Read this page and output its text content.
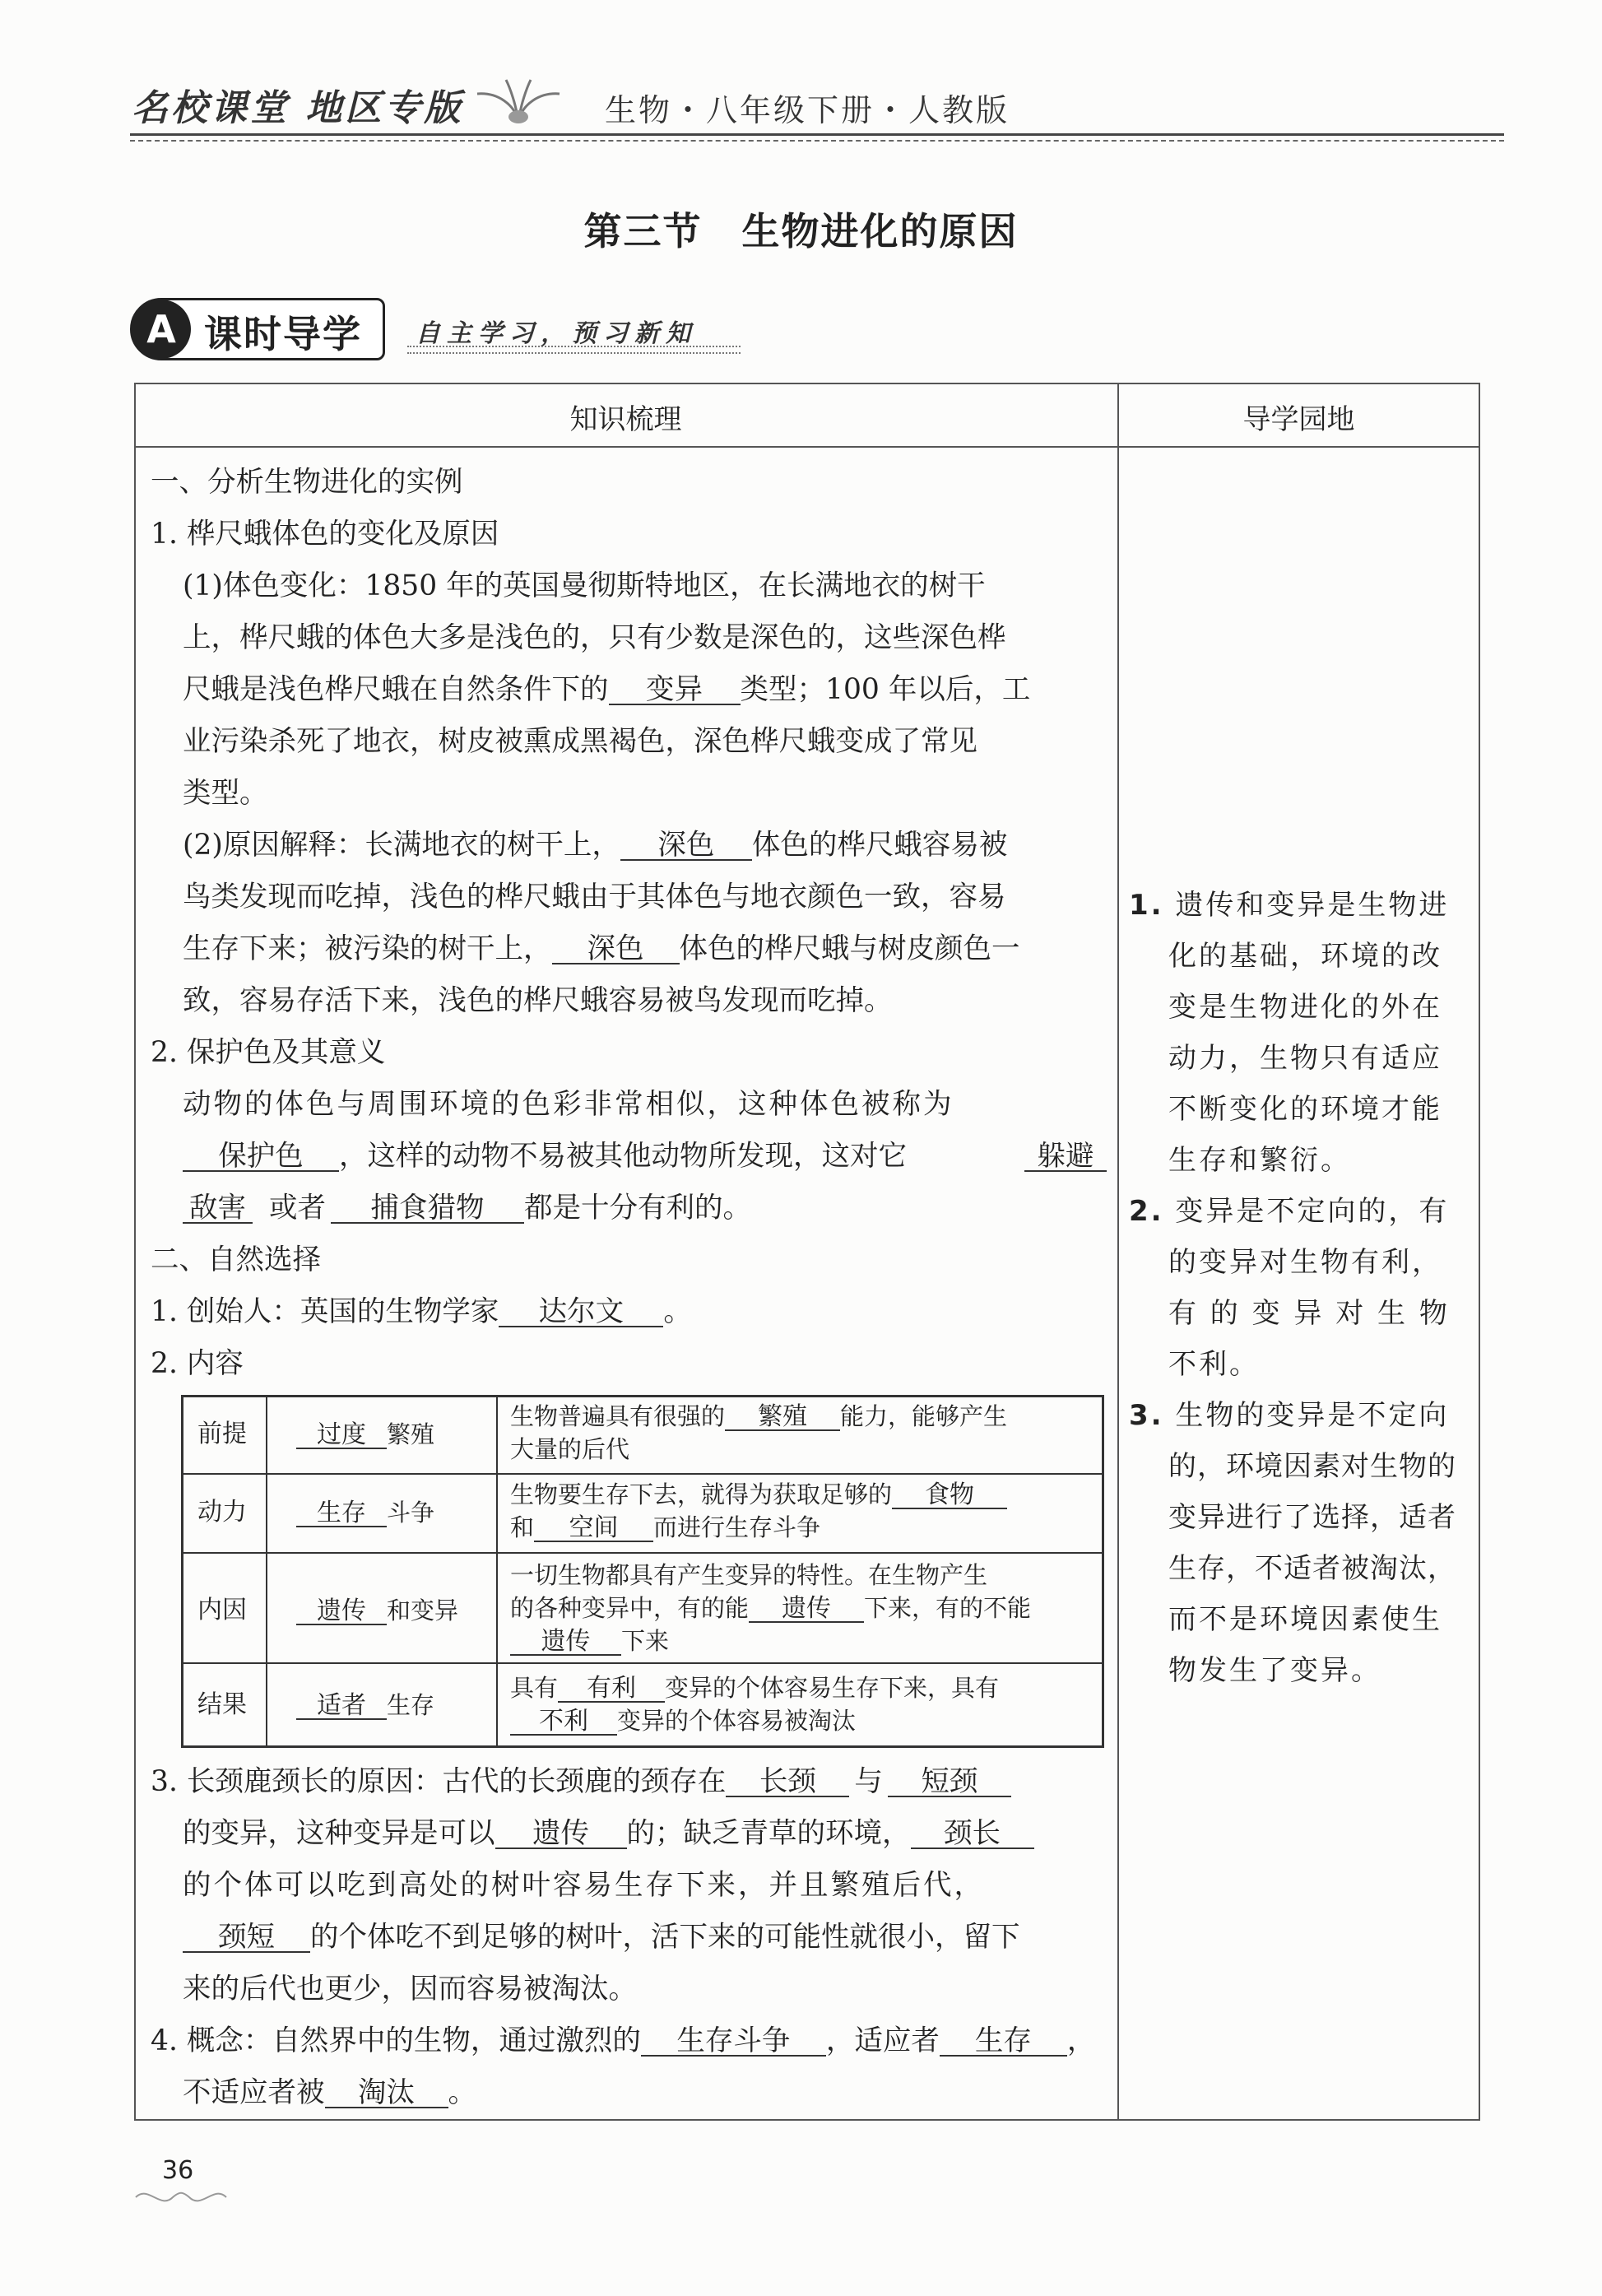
名校课堂 地区专版	生物・八年级下册・人教版
第三节　生物进化的原因
A 课时导学 自主学习，预习新知
知识梳理	导学园地
一、分析生物进化的实例
1. 桦尺蛾体色的变化及原因
(1)体色变化：1850 年的英国曼彻斯特地区，在长满地衣的树干
上，桦尺蛾的体色大多是浅色的，只有少数是深色的，这些深色桦
尺蛾是浅色桦尺蛾在自然条件下的 变异 类型；100 年以后，工
业污染杀死了地衣，树皮被熏成黑褐色，深色桦尺蛾变成了常见
类型。
(2)原因解释：长满地衣的树干上， 深色 体色的桦尺蛾容易被
鸟类发现而吃掉，浅色的桦尺蛾由于其体色与地衣颜色一致，容易
生存下来；被污染的树干上， 深色 体色的桦尺蛾与树皮颜色一
致，容易存活下来，浅色的桦尺蛾容易被鸟发现而吃掉。
2. 保护色及其意义
动物的体色与周围环境的色彩非常相似，这种体色被称为
保护色 ，这样的动物不易被其他动物所发现，这对它	躲避
敌害 或者 捕食猎物 都是十分有利的。
二、自然选择
1. 创始人：英国的生物学家 达尔文 。
2. 内容
前提	过度 繁殖
生物普遍具有很强的 繁殖 能力，能够产生
大量的后代
动力	生存 斗争
生物要生存下去，就得为获取足够的 食物
和 空间 而进行生存斗争
内因	遗传 和变异
一切生物都具有产生变异的特性。在生物产生
的各种变异中，有的能 遗传 下来，有的不能
遗传 下来
结果	适者 生存
具有 有利 变异的个体容易生存下来，具有
不利 变异的个体容易被淘汰
3. 长颈鹿颈长的原因：古代的长颈鹿的颈存在 长颈 与 短颈
的变异，这种变异是可以 遗传 的；缺乏青草的环境， 颈长
的个体可以吃到高处的树叶容易生存下来，并且繁殖后代，
颈短 的个体吃不到足够的树叶，活下来的可能性就很小，留下
来的后代也更少，因而容易被淘汰。
4. 概念：自然界中的生物，通过激烈的 生存斗争 ，适应者 生存 ，
不适应者被 淘汰 。
1. 遗传和变异是生物进
化的基础，环境的改
变是生物进化的外在
动力，生物只有适应
不断变化的环境才能
生存和繁衍。
2. 变异是不定向的，有
的变异对生物有利，
有 的 变 异 对 生 物
不利。
3. 生物的变异是不定向
的，环境因素对生物的
变异进行了选择，适者
生存，不适者被淘汰，
而不是环境因素使生
物发生了变异。
36
